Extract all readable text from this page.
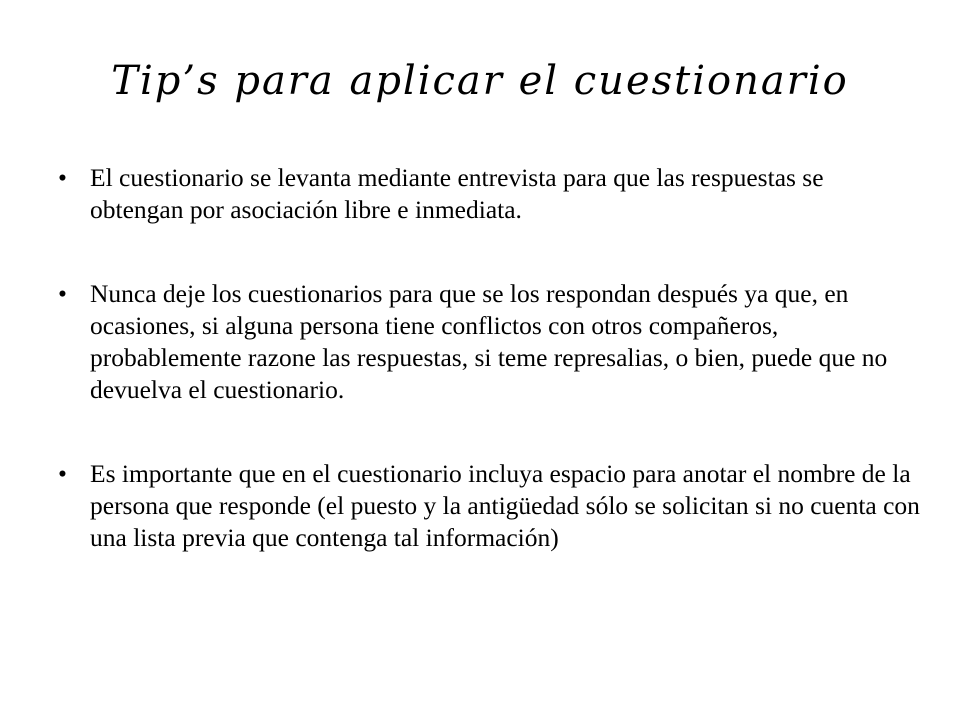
Tip’s para aplicar el cuestionario
• El cuestionario se levanta mediante entrevista para que las respuestas se obtengan por asociación libre e inmediata.
• Nunca deje los cuestionarios para que se los respondan después ya que, en ocasiones, si alguna persona tiene conflictos con otros compañeros, probablemente razone las respuestas, si teme represalias, o bien, puede que no devuelva el cuestionario.
• Es importante que en el cuestionario incluya espacio para anotar el nombre de la persona que responde (el puesto y la antigüedad sólo se solicitan si no cuenta con una lista previa que contenga tal información)
